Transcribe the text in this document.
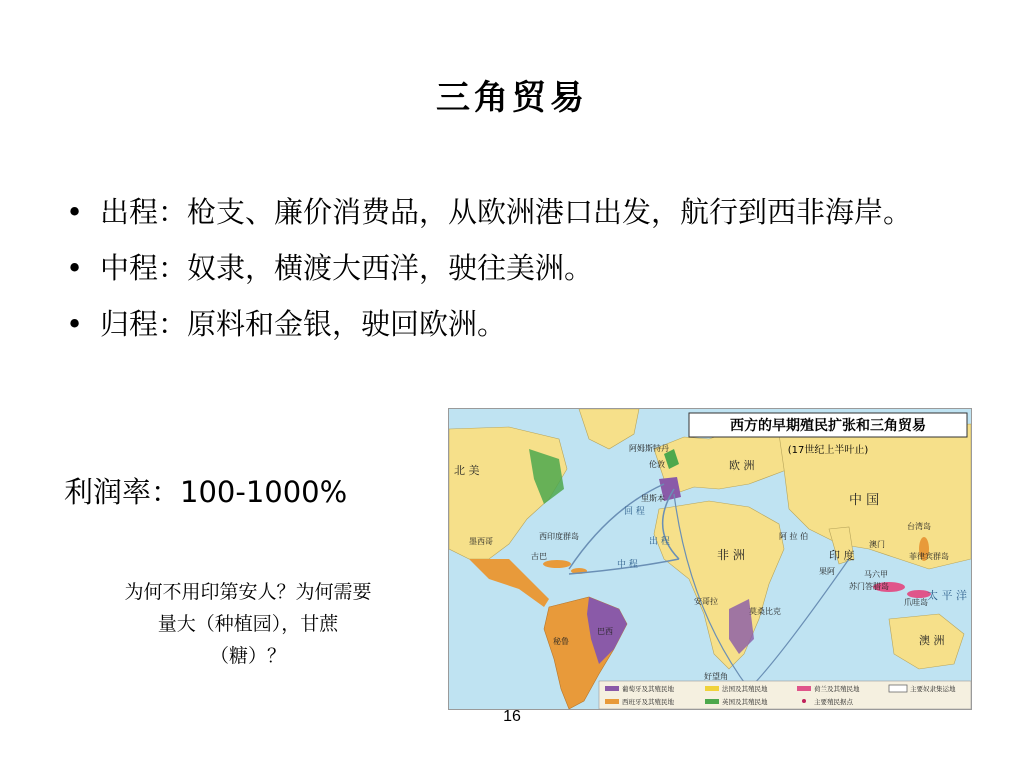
三角贸易
• 出程：枪支、廉价消费品，从欧洲港口出发，航行到西非海岸。
• 中程：奴隶，横渡大西洋，驶往美洲。
• 归程：原料和金银，驶回欧洲。
利润率：100-1000%
为何不用印第安人？为何需要
量大（种植园），甘蔗
（糖）？
西方的早期殖民扩张和三角贸易
(17世纪上半叶止)
中 国
印 度
欧 洲
非 洲
北 美
阿姆斯特丹
伦敦
里斯本
西印度群岛
古巴
墨西哥
巴西
秘鲁
安哥拉
莫桑比克
好望角
阿 拉 伯
果阿
澳门
台湾岛
菲律宾群岛
马六甲
苏门答腊岛
爪哇岛
澳 洲
太 平 洋
回 程
出 程
中 程
葡萄牙及其殖民地	法国及其殖民地	荷兰及其殖民地	主要奴隶集运地
西班牙及其殖民地	英国及其殖民地	主要殖民据点
16
